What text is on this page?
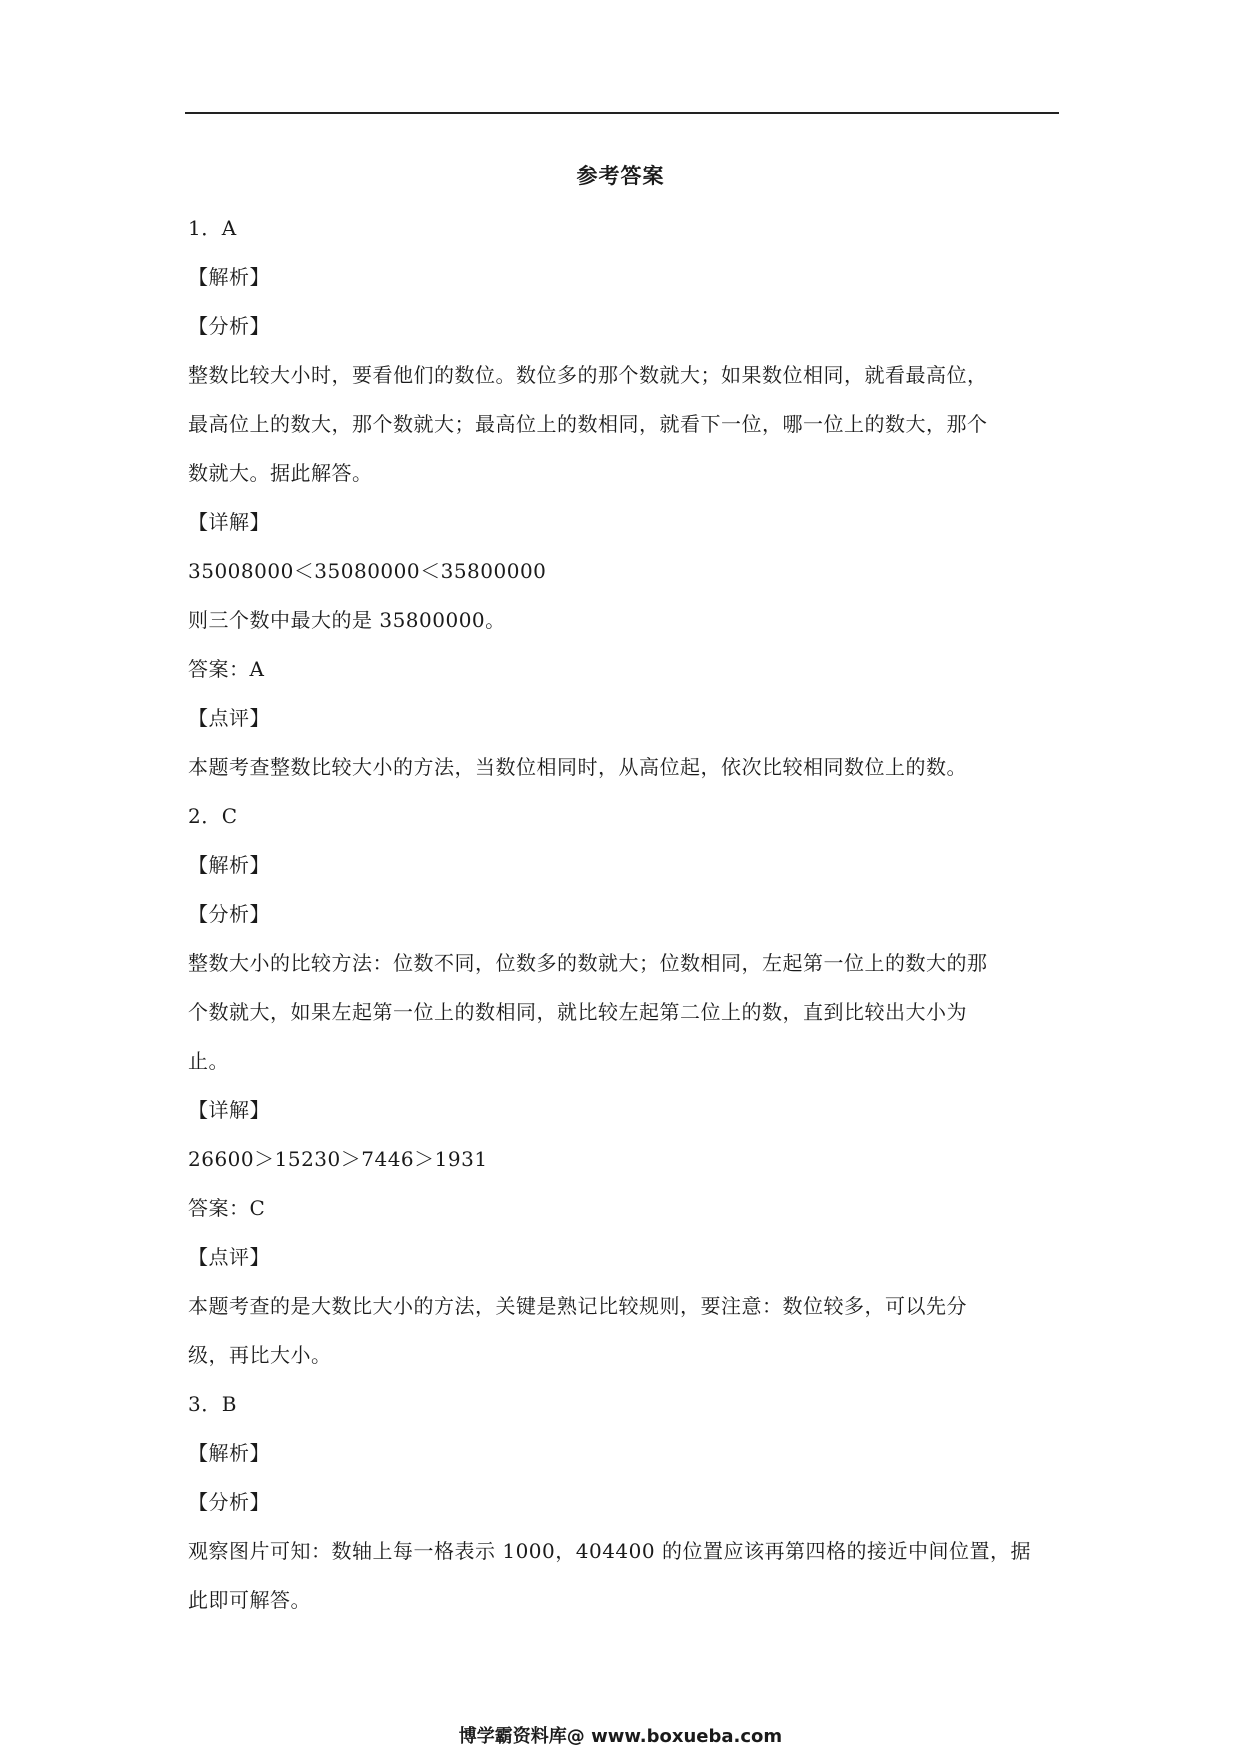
参考答案
1．A
【解析】
【分析】
整数比较大小时，要看他们的数位。数位多的那个数就大；如果数位相同，就看最高位，
最高位上的数大，那个数就大；最高位上的数相同，就看下一位，哪一位上的数大，那个
数就大。据此解答。
【详解】
35008000＜35080000＜35800000
则三个数中最大的是 35800000。
答案：A
【点评】
本题考查整数比较大小的方法，当数位相同时，从高位起，依次比较相同数位上的数。
2．C
【解析】
【分析】
整数大小的比较方法：位数不同，位数多的数就大；位数相同，左起第一位上的数大的那
个数就大，如果左起第一位上的数相同，就比较左起第二位上的数，直到比较出大小为
止。
【详解】
26600＞15230＞7446＞1931
答案：C
【点评】
本题考查的是大数比大小的方法，关键是熟记比较规则，要注意：数位较多，可以先分
级，再比大小。
3．B
【解析】
【分析】
观察图片可知：数轴上每一格表示 1000，404400 的位置应该再第四格的接近中间位置，据
此即可解答。
博学霸资料库@ www.boxueba.com
